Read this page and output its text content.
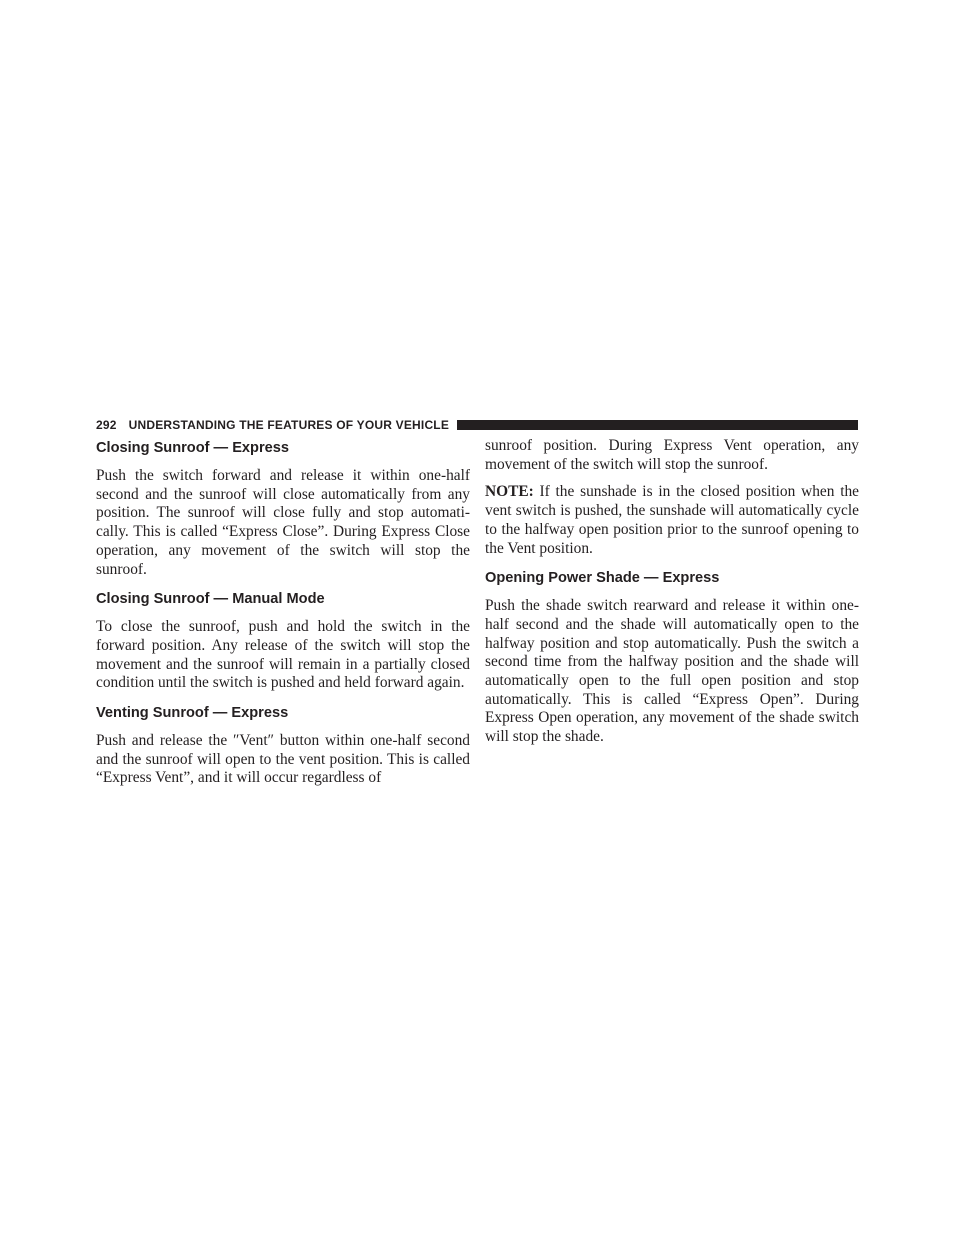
292 UNDERSTANDING THE FEATURES OF YOUR VEHICLE
Closing Sunroof — Express

Push the switch forward and release it within one-half second and the sunroof will close automatically from any position. The sunroof will close fully and stop automatically. This is called “Express Close”. During Express Close operation, any movement of the switch will stop the sunroof.

Closing Sunroof — Manual Mode

To close the sunroof, push and hold the switch in the forward position. Any release of the switch will stop the movement and the sunroof will remain in a partially closed condition until the switch is pushed and held forward again.

Venting Sunroof — Express

Push and release the ″Vent″ button within one-half second and the sunroof will open to the vent position. This is called “Express Vent”, and it will occur regardless of

sunroof position. During Express Vent operation, any movement of the switch will stop the sunroof.

NOTE: If the sunshade is in the closed position when the vent switch is pushed, the sunshade will automatically cycle to the halfway open position prior to the sunroof opening to the Vent position.

Opening Power Shade — Express

Push the shade switch rearward and release it within one-half second and the shade will automatically open to the halfway position and stop automatically. Push the switch a second time from the halfway position and the shade will automatically open to the full open position and stop automatically. This is called “Express Open”. During Express Open operation, any movement of the shade switch will stop the shade.
